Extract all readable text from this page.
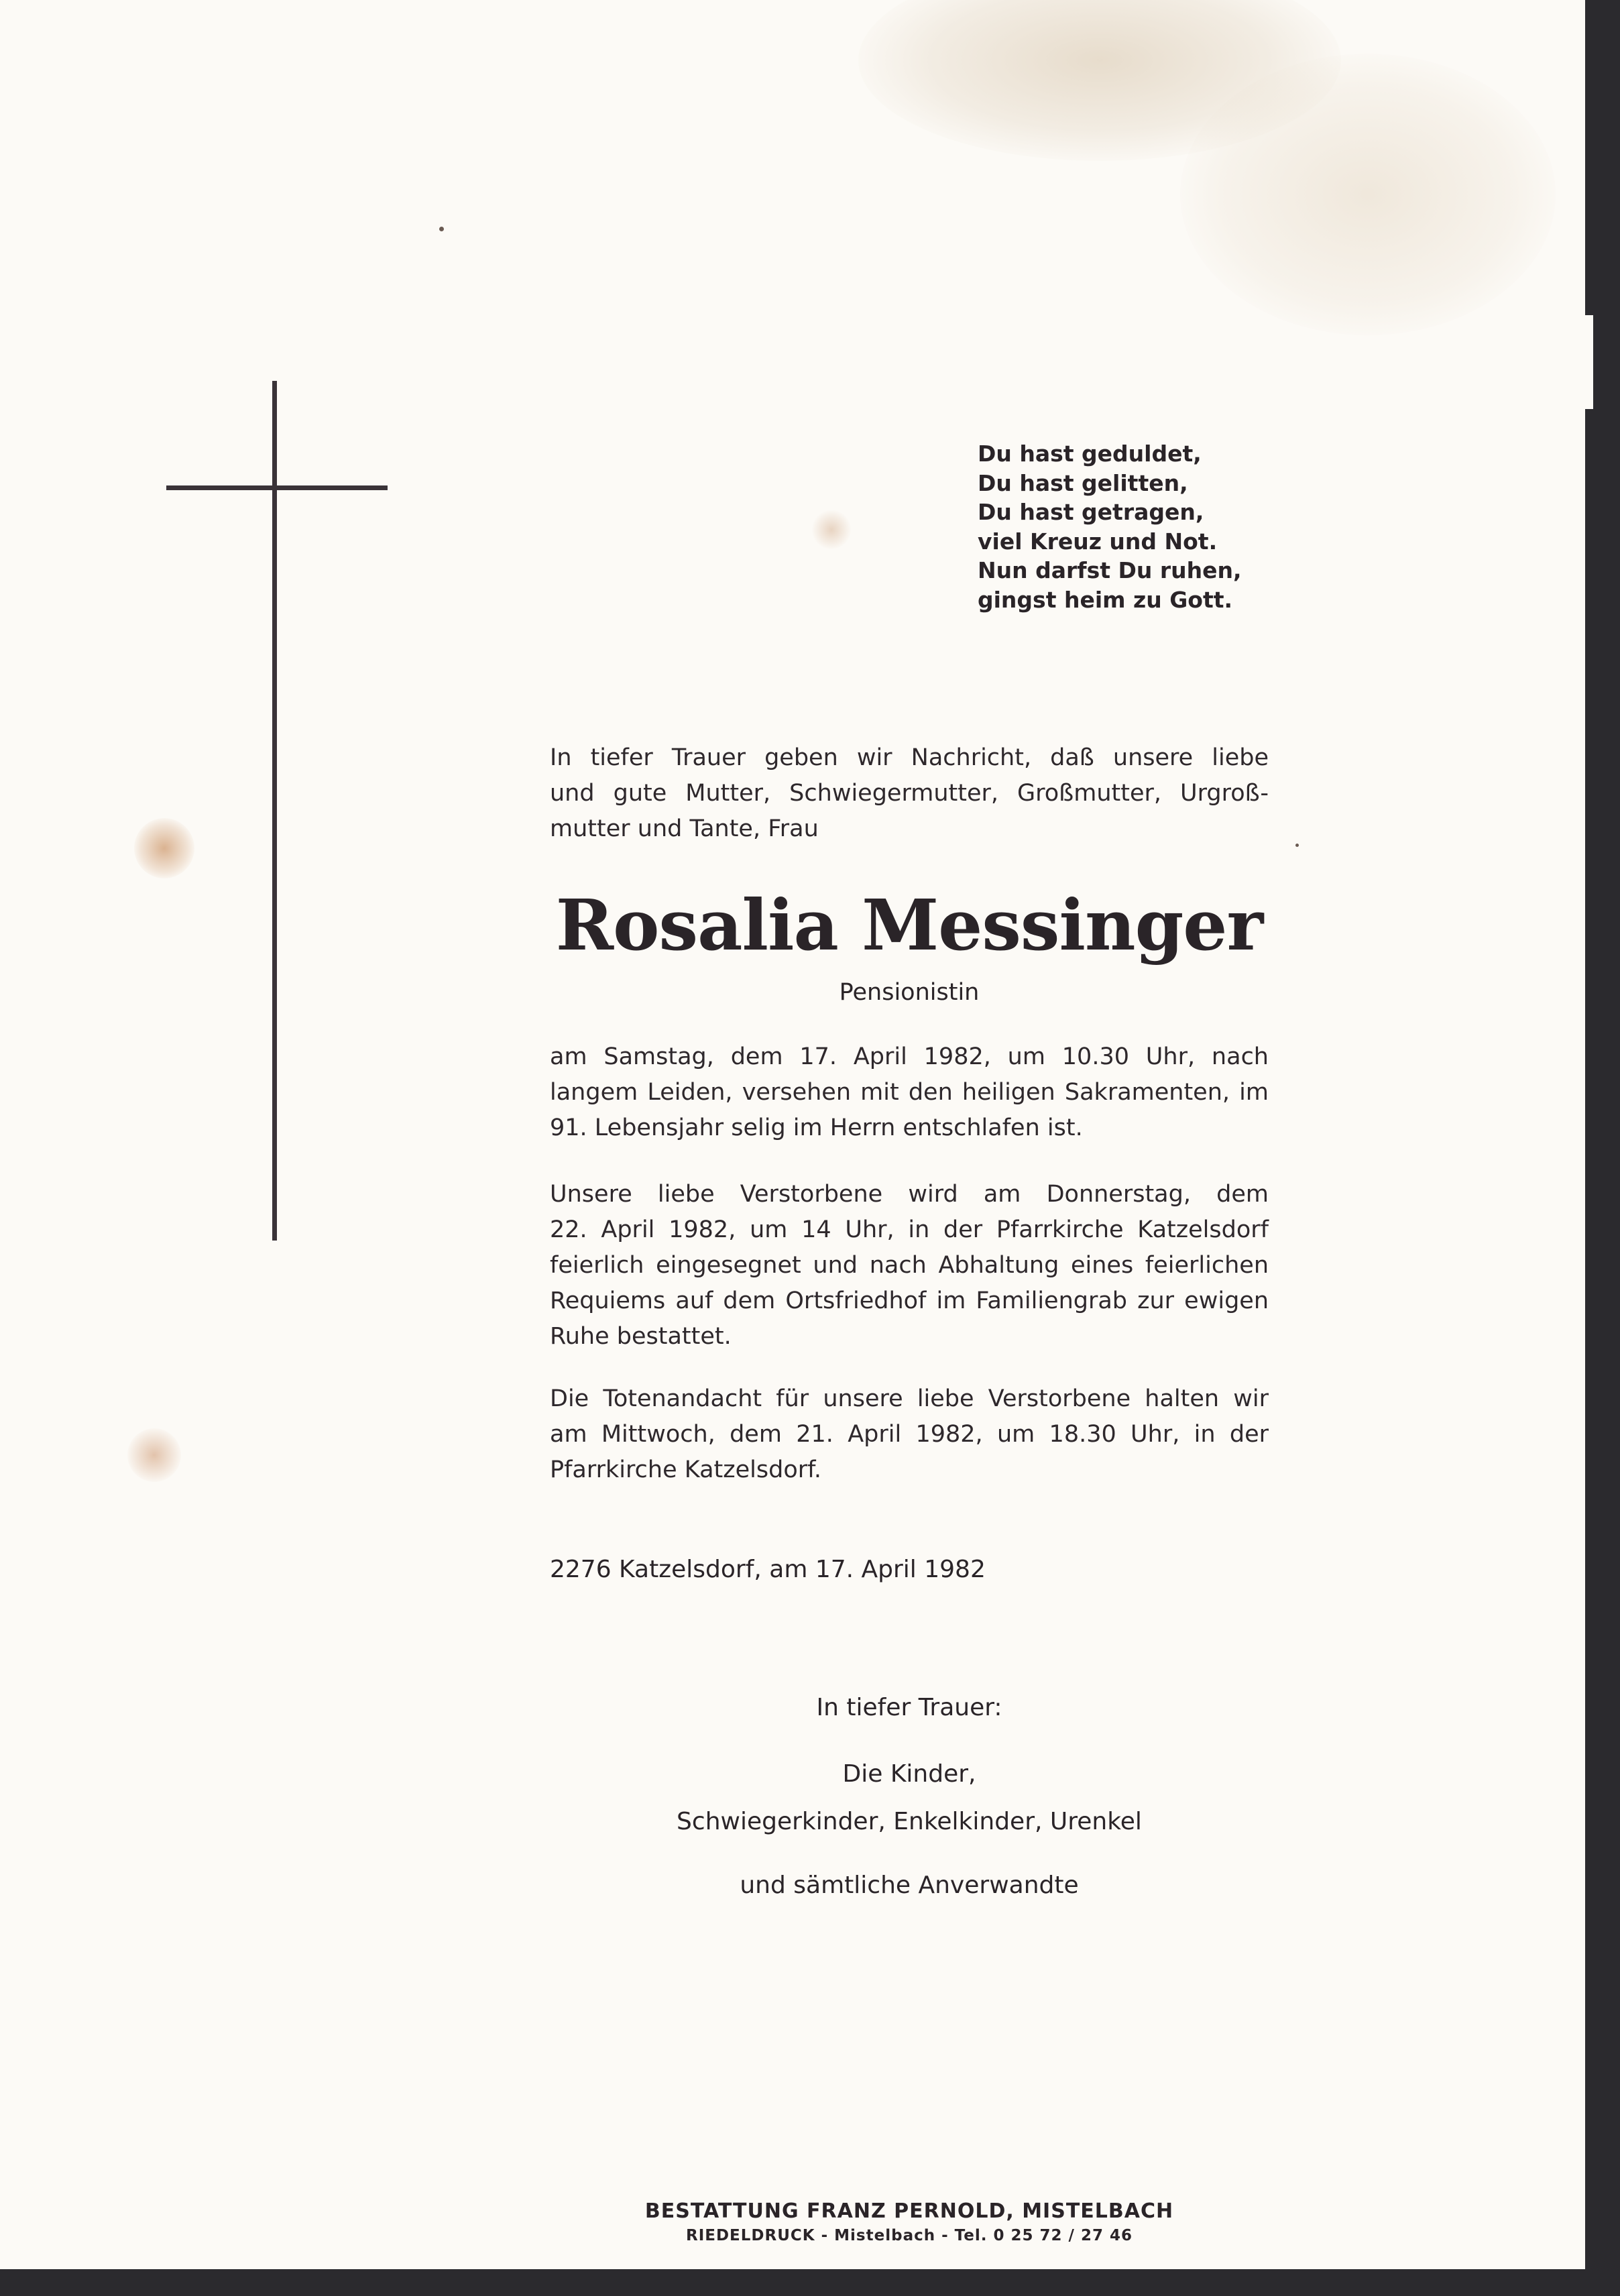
Du hast geduldet,
Du hast gelitten,
Du hast getragen,
viel Kreuz und Not.
Nun darfst Du ruhen,
gingst heim zu Gott.
In tiefer Trauer geben wir Nachricht, daß unsere liebe
und gute Mutter, Schwiegermutter, Großmutter, Urgroß-
mutter und Tante, Frau
Rosalia Messinger
Pensionistin
am Samstag, dem 17. April 1982, um 10.30 Uhr, nach
langem Leiden, versehen mit den heiligen Sakramenten, im
91. Lebensjahr selig im Herrn entschlafen ist.
Unsere liebe Verstorbene wird am Donnerstag, dem
22. April 1982, um 14 Uhr, in der Pfarrkirche Katzelsdorf
feierlich eingesegnet und nach Abhaltung eines feierlichen
Requiems auf dem Ortsfriedhof im Familiengrab zur ewigen
Ruhe bestattet.
Die Totenandacht für unsere liebe Verstorbene halten wir
am Mittwoch, dem 21. April 1982, um 18.30 Uhr, in der
Pfarrkirche Katzelsdorf.
2276 Katzelsdorf, am 17. April 1982
In tiefer Trauer:
Die Kinder,
Schwiegerkinder, Enkelkinder, Urenkel
und sämtliche Anverwandte
BESTATTUNG FRANZ PERNOLD, MISTELBACH
RIEDELDRUCK - Mistelbach - Tel. 0 25 72 / 27 46
